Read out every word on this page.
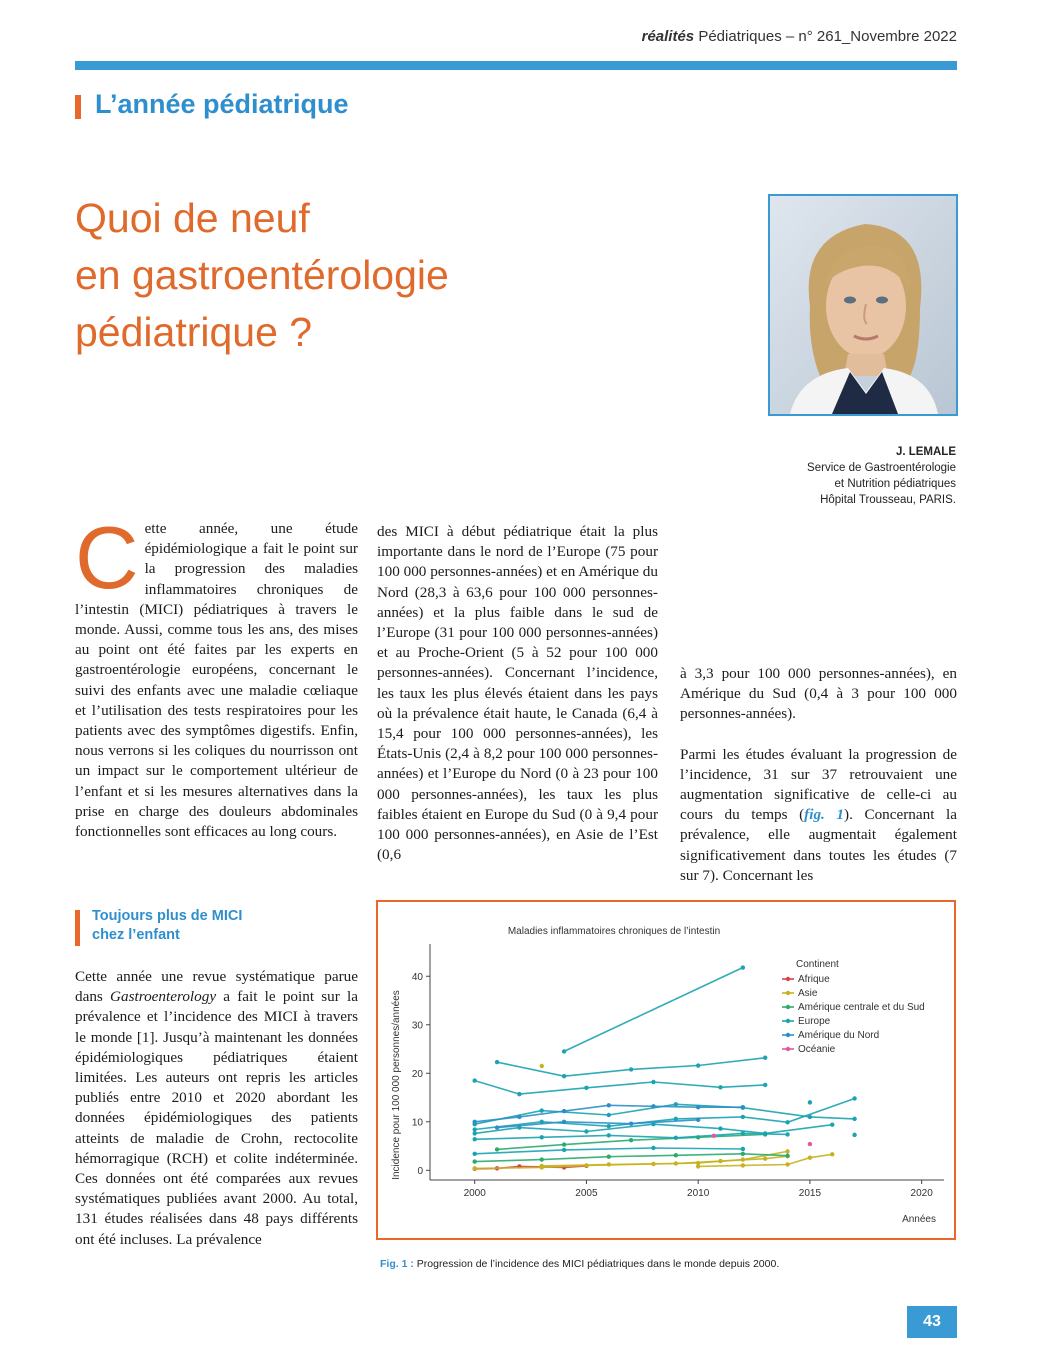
réalités Pédiatriques – n° 261_Novembre 2022
L’année pédiatrique
Quoi de neuf
en gastroentérologie
pédiatrique ?
J. LEMALE
Service de Gastroentérologie
et Nutrition pédiatriques
Hôpital Trousseau, PARIS.
Cette année, une étude épidémiologique a fait le point sur la progression des maladies inflammatoires chroniques de l’intestin (MICI) pédiatriques à travers le monde. Aussi, comme tous les ans, des mises au point ont été faites par les experts en gastroentérologie européens, concernant le suivi des enfants avec une maladie cœliaque et l’utilisation des tests respiratoires pour les patients avec des symptômes digestifs. Enfin, nous verrons si les coliques du nourrisson ont un impact sur le comportement ultérieur de l’enfant et si les mesures alternatives dans la prise en charge des douleurs abdominales fonctionnelles sont efficaces au long cours.
Toujours plus de MICI
chez l’enfant
Cette année une revue systématique parue dans Gastroenterology a fait le point sur la prévalence et l’incidence des MICI à travers le monde [1]. Jusqu’à maintenant les données épidémiologiques pédiatriques étaient limitées. Les auteurs ont repris les articles publiés entre 2010 et 2020 abordant les données épidémiologiques des patients atteints de maladie de Crohn, rectocolite hémorragique (RCH) et colite indéterminée. Ces données ont été comparées aux revues systématiques publiées avant 2000. Au total, 131 études réalisées dans 48 pays différents ont été incluses. La prévalence
des MICI à début pédiatrique était la plus importante dans le nord de l’Europe (75 pour 100 000 personnes-années) et en Amérique du Nord (28,3 à 63,6 pour 100 000 personnes-années) et la plus faible dans le sud de l’Europe (31 pour 100 000 personnes-années) et au Proche-Orient (5 à 52 pour 100 000 personnes-années). Concernant l’incidence, les taux les plus élevés étaient dans les pays où la prévalence était haute, le Canada (6,4 à 15,4 pour 100 000 personnes-années), les États-Unis (2,4 à 8,2 pour 100 000 personnes-années) et l’Europe du Nord (0 à 23 pour 100 000 personnes-années), les taux les plus faibles étaient en Europe du Sud (0 à 9,4 pour 100 000 personnes-années), en Asie de l’Est (0,6

à 3,3 pour 100 000 personnes-années), en Amérique du Sud (0,4 à 3 pour 100 000 personnes-années).

Parmi les études évaluant la progression de l’incidence, 31 sur 37 retrouvaient une augmentation significative de celle-ci au cours du temps (fig. 1). Concernant la prévalence, elle augmentait également significativement dans toutes les études (7 sur 7). Concernant les

Maladies inflammatoires chroniques de l’intestin
Incidence pour 100 000 personnes/années
Années
Continent
2000	2005	2010	2015	2020
0
10
20
30
40	Afrique
Asie
Amérique centrale et du Sud
Europe
Amérique du Nord
Océanie
Fig. 1 : Progression de l’incidence des MICI pédiatriques dans le monde depuis 2000.
43
